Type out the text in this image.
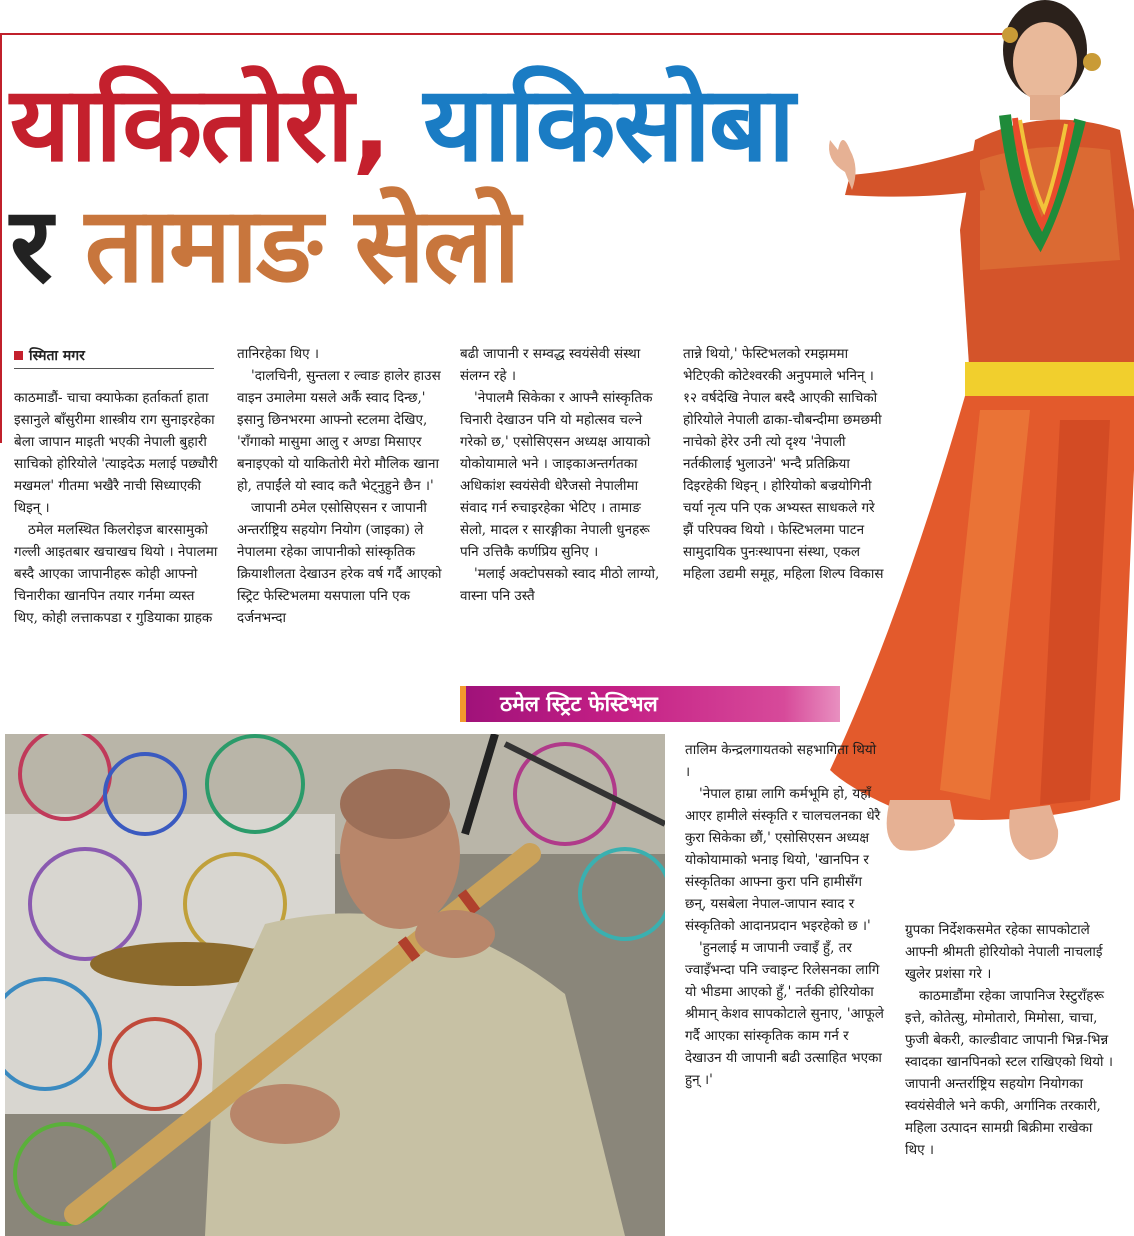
याकितोरी, याकिसोबा
र तामाङ सेलो
स्मिता मगर

काठमाडौं- चाचा क्याफेका हर्ताकर्ता हाता इसानुले बाँसुरीमा शास्त्रीय राग सुनाइरहेका बेला जापान माइती भएकी नेपाली बुहारी साचिको होरियोले 'त्याइदेऊ मलाई पछ्यौरी मखमल' गीतमा भखैरै नाची सिध्याएकी थिइन् ।

ठमेल मलस्थित किलरोइज बारसामुको गल्ली आइतबार खचाखच थियो । नेपालमा बस्दै आएका जापानीहरू कोही आफ्नो चिनारीका खानपिन तयार गर्नमा व्यस्त थिए, कोही लत्ताकपडा र गुडियाका ग्राहक

तानिरहेका थिए ।

'दालचिनी, सुन्तला र ल्वाङ हालेर हाउस वाइन उमालेमा यसले अर्कै स्वाद दिन्छ,' इसानु छिनभरमा आफ्नो स्टलमा देखिए, 'राँगाको मासुमा आलु र अण्डा मिसाएर बनाइएको यो याकितोरी मेरो मौलिक खाना हो, तपाईंले यो स्वाद कतै भेट्नुहुने छैन ।'

जापानी ठमेल एसोसिएसन र जापानी अन्तर्राष्ट्रिय सहयोग नियोग (जाइका) ले नेपालमा रहेका जापानीको सांस्कृतिक क्रियाशीलता देखाउन हरेक वर्ष गर्दै आएको स्ट्रिट फेस्टिभलमा यसपाला पनि एक दर्जनभन्दा

बढी जापानी र सम्वद्ध स्वयंसेवी संस्था संलग्न रहे ।

'नेपालमै सिकेका र आफ्नै सांस्कृतिक चिनारी देखाउन पनि यो महोत्सव चल्ने गरेको छ,' एसोसिएसन अध्यक्ष आयाको योकोयामाले भने । जाइकाअन्तर्गतका अधिकांश स्वयंसेवी धेरैजसो नेपालीमा संवाद गर्न रुचाइरहेका भेटिए । तामाङ सेलो, मादल र सारङ्गीका नेपाली धुनहरू पनि उत्तिकै कर्णप्रिय सुनिए ।

'मलाई अक्टोपसको स्वाद मीठो लाग्यो, वास्ना पनि उस्तै

तान्ने थियो,' फेस्टिभलको रमझममा भेटिएकी कोटेश्वरकी अनुपमाले भनिन् । १२ वर्षदेखि नेपाल बस्दै आएकी साचिको होरियोले नेपाली ढाका-चौबन्दीमा छमछमी नाचेको हेरेर उनी त्यो दृश्य 'नेपाली नर्तकीलाई भुलाउने' भन्दै प्रतिक्रिया दिइरहेकी थिइन् । होरियोको बज्रयोगिनी चर्या नृत्य पनि एक अभ्यस्त साधकले गरे झैं परिपक्व थियो । फेस्टिभलमा पाटन सामुदायिक पुनःस्थापना संस्था, एकल महिला उद्यमी समूह, महिला शिल्प विकास

ठमेल स्ट्रिट फेस्टिभल

तालिम केन्द्रलगायतको सहभागिता थियो ।

'नेपाल हाम्रा लागि कर्मभूमि हो, यहाँ आएर हामीले संस्कृति र चालचलनका धेरै कुरा सिकेका छौं,' एसोसिएसन अध्यक्ष योकोयामाको भनाइ थियो, 'खानपिन र संस्कृतिका आफ्ना कुरा पनि हामीसँग छन्, यसबेला नेपाल-जापान स्वाद र संस्कृतिको आदानप्रदान भइरहेको छ ।'

'हुनलाई म जापानी ज्वाइँ हुँ, तर ज्वाइँभन्दा पनि ज्वाइन्ट रिलेसनका लागि यो भीडमा आएको हुँ,' नर्तकी होरियोका श्रीमान् केशव सापकोटाले सुनाए, 'आफूले गर्दै आएका सांस्कृतिक काम गर्न र देखाउन यी जापानी बढी उत्साहित भएका हुन् ।'

ग्रुपका निर्देशकसमेत रहेका सापकोटाले आफ्नी श्रीमती होरियोको नेपाली नाचलाई खुलेर प्रशंसा गरे ।

काठमाडौंमा रहेका जापानिज रेस्टुराँहरू इत्ते, कोतेत्सु, मोमोतारो, मिमोसा, चाचा, फुजी बेकरी, काल्डीवाट जापानी भिन्न-भिन्न स्वादका खानपिनको स्टल राखिएको थियो । जापानी अन्तर्राष्ट्रिय सहयोग नियोगका स्वयंसेवीले भने कफी, अर्गानिक तरकारी, महिला उत्पादन सामग्री बिक्रीमा राखेका थिए ।
